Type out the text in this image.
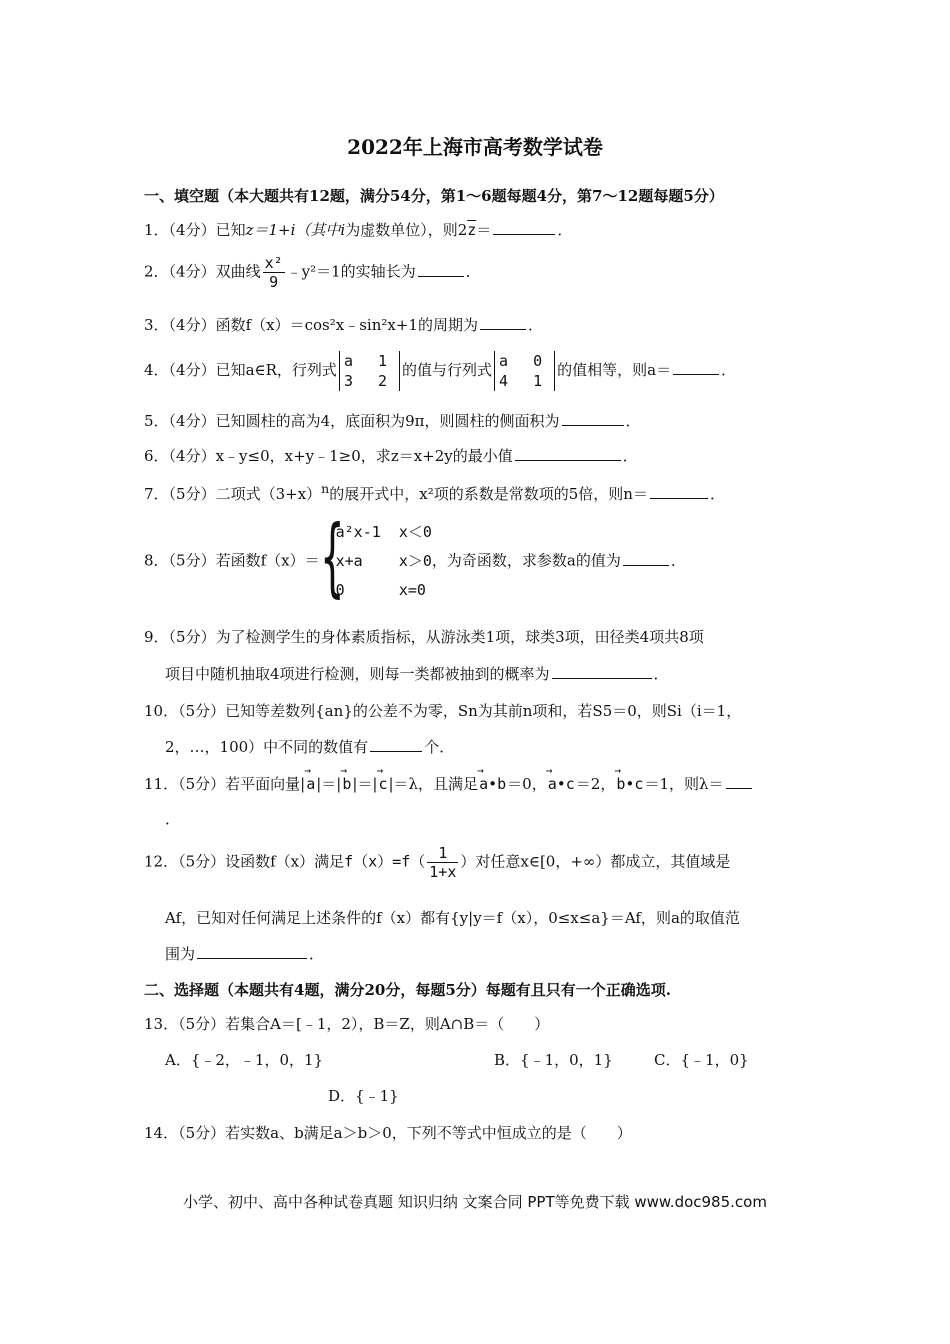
2022年上海市高考数学试卷
一、填空题（本大题共有12题，满分54分，第1～6题每题4分，第7～12题每题5分）
1．（4分）已知z＝1+i（其中i为虚数单位），则$2\overline{z}=$	．
2．（4分）双曲线 $\frac{\text{x²}}{9}$ ﹣y²＝1的实轴长为	．
3．（4分）函数f（x）＝cos²x﹣sin²x+1的周期为	．
4．（4分）已知a∈R，行列式 a 1
3 2
的值与行列式 a 0
4 1
的值相等，则a＝	．
5．（4分）已知圆柱的高为4，底面积为9π，则圆柱的侧面积为	．
6．（4分）x﹣y≤0，x+y﹣1≥0，求z＝x+2y的最小值	．
7．（5分）二项式$(3+x)^n$的展开式中，x²项的系数是常数项的5倍，则n＝	．
8．（5分）若函数f（x）＝ {
a²x-1  x＜0
x+a    x＞0
0      x=0
，为奇函数，求参数a的值为	．
9．（5分）为了检测学生的身体素质指标，从游泳类1项，球类3项，田径类4项共8项
项目中随机抽取4项进行检测，则每一类都被抽到的概率为	．
10．（5分）已知等差数列{an}的公差不为零，Sn为其前n项和，若S5＝0，则Si（i＝1，
2，…，100）中不同的数值有	个．
11．（5分）若平面向量|→ a|＝|→ b|＝|→ c|＝λ，且满足→ a•b＝0，→ a•c＝2，→ b•c＝1，则λ＝
．
12．（5分）设函数f（x）满足$f(x)=f( \frac{1}{1+x}$ ）对任意x∈[0，+∞）都成立，其值域是
Af，已知对任何满足上述条件的f（x）都有{y|y＝f（x），0≤x≤a}＝Af，则a的取值范
围为	．
二、选择题（本题共有4题，满分20分，每题5分）每题有且只有一个正确选项.
13．（5分）若集合A＝[﹣1，2），B＝Z，则A∩B＝（　　）
A．{﹣2，﹣1，0，1}	B．{﹣1，0，1}	C．{﹣1，0}
D．{﹣1}
14．（5分）若实数a、b满足a＞b＞0，下列不等式中恒成立的是（　　）
小学、初中、高中各种试卷真题 知识归纳 文案合同 PPT等免费下载 www.doc985.com
